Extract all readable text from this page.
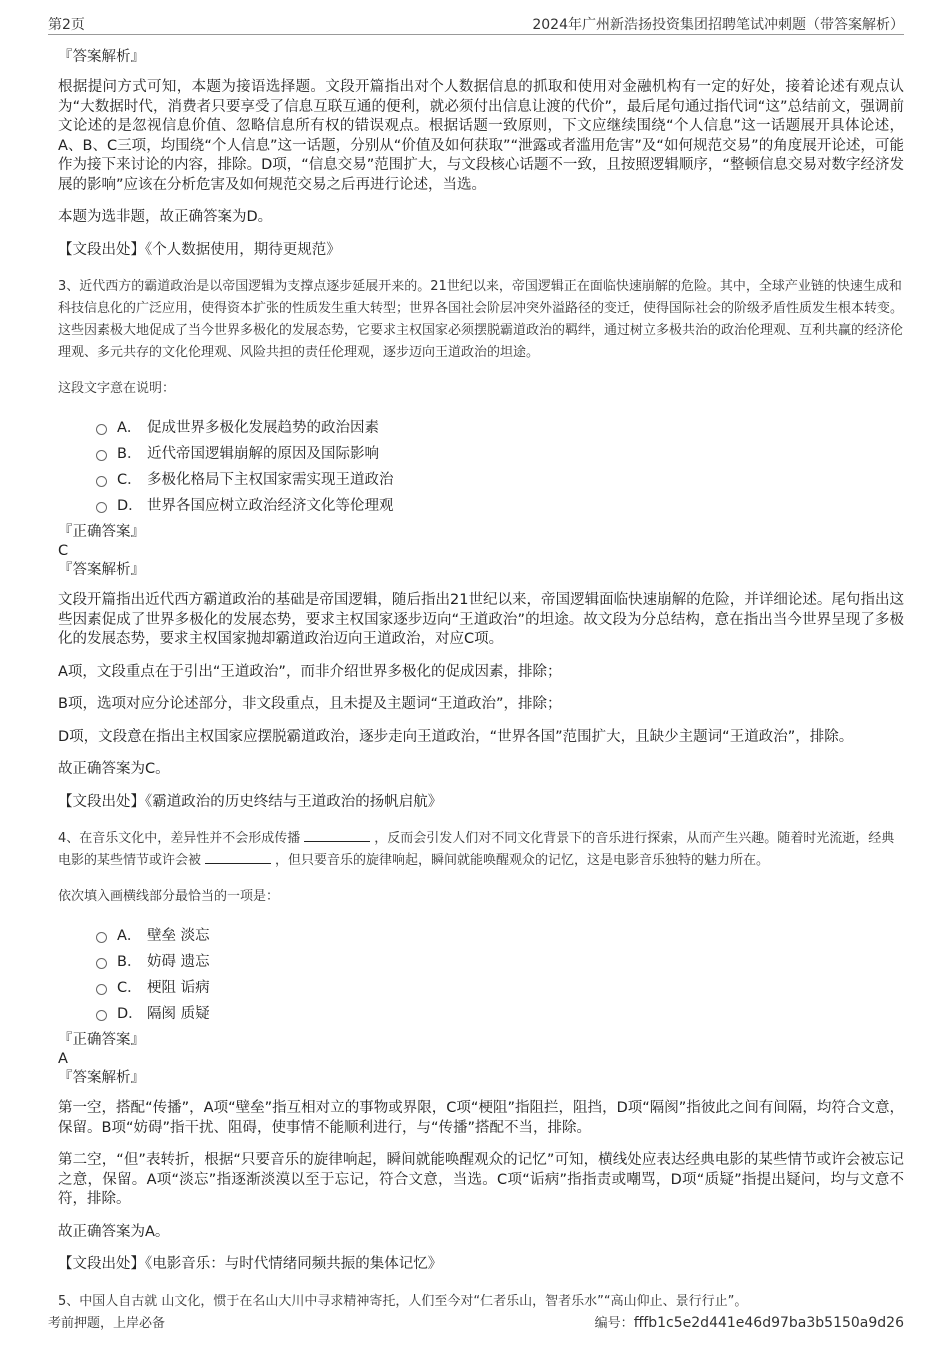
第2页	2024年广州新浩扬投资集团招聘笔试冲刺题（带答案解析）

『答案解析』

根据提问方式可知，本题为接语选择题。文段开篇指出对个人数据信息的抓取和使用对金融机构有一定的好处，接着论述有观点认为“大数据时代，消费者只要享受了信息互联互通的便利，就必须付出信息让渡的代价”，最后尾句通过指代词“这”总结前文，强调前文论述的是忽视信息价值、忽略信息所有权的错误观点。根据话题一致原则，下文应继续围绕“个人信息”这一话题展开具体论述，A、B、C三项，均围绕“个人信息”这一话题，分别从“价值及如何获取”“泄露或者滥用危害”及“如何规范交易”的角度展开论述，可能作为接下来讨论的内容，排除。D项，“信息交易”范围扩大，与文段核心话题不一致，且按照逻辑顺序，“整顿信息交易对数字经济发展的影响”应该在分析危害及如何规范交易之后再进行论述，当选。

本题为选非题，故正确答案为D。

【文段出处】《个人数据使用，期待更规范》

3、近代西方的霸道政治是以帝国逻辑为支撑点逐步延展开来的。21世纪以来，帝国逻辑正在面临快速崩解的危险。其中，全球产业链的快速生成和科技信息化的广泛应用，使得资本扩张的性质发生重大转型；世界各国社会阶层冲突外溢路径的变迁，使得国际社会的阶级矛盾性质发生根本转变。这些因素极大地促成了当今世界多极化的发展态势，它要求主权国家必须摆脱霸道政治的羁绊，通过树立多极共治的政治伦理观、互利共赢的经济伦理观、多元共存的文化伦理观、风险共担的责任伦理观，逐步迈向王道政治的坦途。

这段文字意在说明：

A． 促成世界多极化发展趋势的政治因素
B． 近代帝国逻辑崩解的原因及国际影响
C． 多极化格局下主权国家需实现王道政治
D． 世界各国应树立政治经济文化等伦理观

『正确答案』

C

『答案解析』

文段开篇指出近代西方霸道政治的基础是帝国逻辑，随后指出21世纪以来，帝国逻辑面临快速崩解的危险，并详细论述。尾句指出这些因素促成了世界多极化的发展态势，要求主权国家逐步迈向“王道政治”的坦途。故文段为分总结构，意在指出当今世界呈现了多极化的发展态势，要求主权国家抛却霸道政治迈向王道政治，对应C项。

A项，文段重点在于引出“王道政治”，而非介绍世界多极化的促成因素，排除；

B项，选项对应分论述部分，非文段重点，且未提及主题词“王道政治”，排除；

D项，文段意在指出主权国家应摆脱霸道政治，逐步走向王道政治，“世界各国”范围扩大，且缺少主题词“王道政治”，排除。

故正确答案为C。

【文段出处】《霸道政治的历史终结与王道政治的扬帆启航》

4、在音乐文化中，差异性并不会形成传播	，反而会引发人们对不同文化背景下的音乐进行探索，从而产生兴趣。随着时光流逝，经典电影的某些情节或许会被	，但只要音乐的旋律响起，瞬间就能唤醒观众的记忆，这是电影音乐独特的魅力所在。

依次填入画横线部分最恰当的一项是：

A． 壁垒 淡忘
B． 妨碍 遗忘
C． 梗阻 诟病
D． 隔阂 质疑

『正确答案』

A

『答案解析』

第一空，搭配“传播”，A项“壁垒”指互相对立的事物或界限，C项“梗阻”指阻拦，阻挡，D项“隔阂”指彼此之间有间隔，均符合文意，保留。B项“妨碍”指干扰、阻碍，使事情不能顺利进行，与“传播”搭配不当，排除。

第二空，“但”表转折，根据“只要音乐的旋律响起，瞬间就能唤醒观众的记忆”可知，横线处应表达经典电影的某些情节或许会被忘记之意，保留。A项“淡忘”指逐渐淡漠以至于忘记，符合文意，当选。C项“诟病”指指责或嘲骂，D项“质疑”指提出疑问，均与文意不符，排除。

故正确答案为A。

【文段出处】《电影音乐：与时代情绪同频共振的集体记忆》

5、中国人自古就 山文化，惯于在名山大川中寻求精神寄托，人们至今对“仁者乐山，智者乐水”“高山仰止、景行行止”。

考前押题，上岸必备	编号：fffb1c5e2d441e46d97ba3b5150a9d26
